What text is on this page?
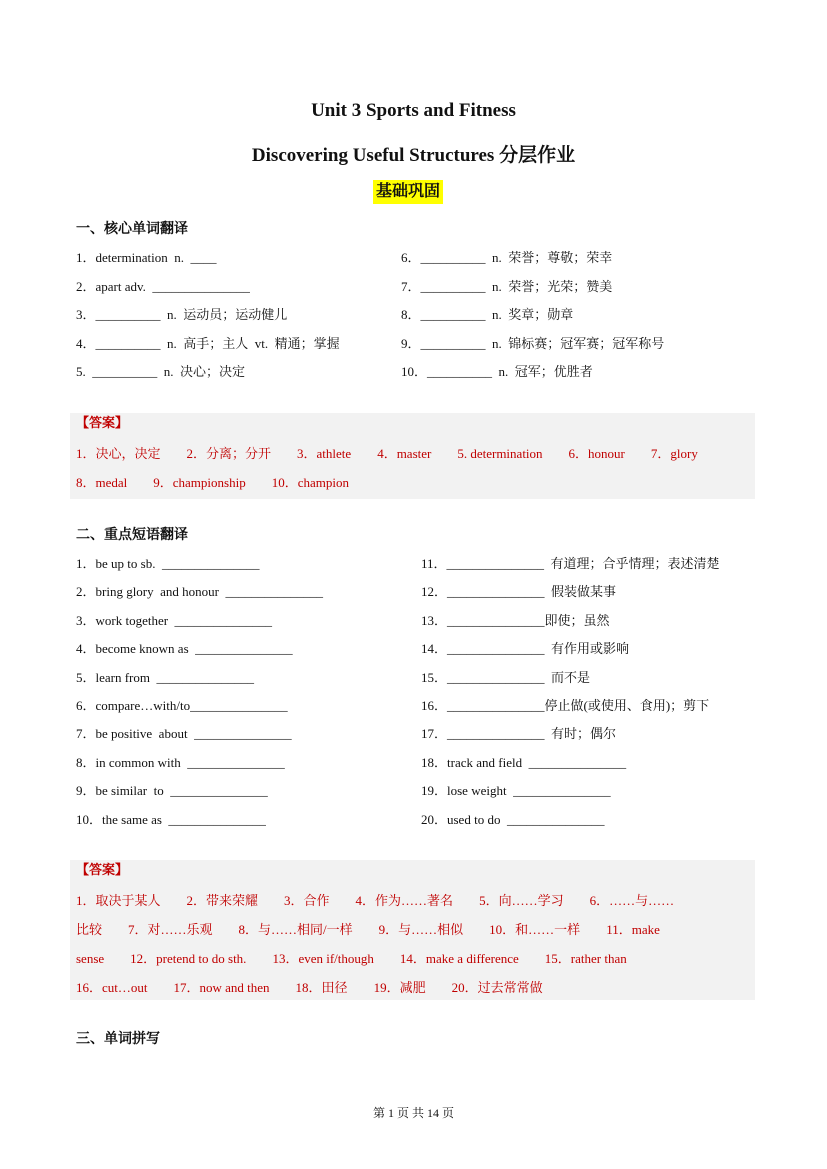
Unit 3 Sports and Fitness
Discovering Useful Structures 分层作业
基础巩固
一、核心单词翻译
1．determination  n.  ____
2．apart adv.  _______________
3．__________  n.  运动员；运动健儿
4．__________  n.  高手；主人  vt.  精通；掌握
5.  __________  n.  决心；决定
6．__________  n.  荣誉；尊敬；荣幸
7．__________  n.  荣誉；光荣；赞美
8．__________  n.  奖章；勋章
9．__________  n.  锦标赛；冠军赛；冠军称号
10．__________  n.  冠军；优胜者
【答案】
1．决心，决定 2．分离；分开 3．athlete 4．master 5. determination 6．honour 7．glory
8．medal 9．championship 10．champion
二、重点短语翻译
1．be up to sb.  _______________
2．bring glory  and honour  _______________
3．work together  _______________
4．become known as  _______________
5．learn from  _______________
6．compare…with/to_______________
7．be positive  about  _______________
8．in common with  _______________
9．be similar  to  _______________
10．the same as  _______________
11．_______________  有道理；合乎情理；表述清楚
12．_______________  假装做某事
13．_______________即使；虽然
14．_______________  有作用或影响
15．_______________  而不是
16．_______________停止做(或使用、食用)；剪下
17．_______________  有时；偶尔
18．track and field  _______________
19．lose weight  _______________
20．used to do  _______________
【答案】
1．取决于某人 2．带来荣耀 3．合作 4．作为……著名 5．向……学习 6．……与……
比较 7．对……乐观 8．与……相同/一样 9．与……相似 10．和……一样 11．make
sense 12．pretend to do sth. 13．even if/though 14．make a difference 15．rather than
16．cut…out 17．now and then 18．田径 19．减肥 20．过去常常做
三、单词拼写
第 1 页 共 14 页
